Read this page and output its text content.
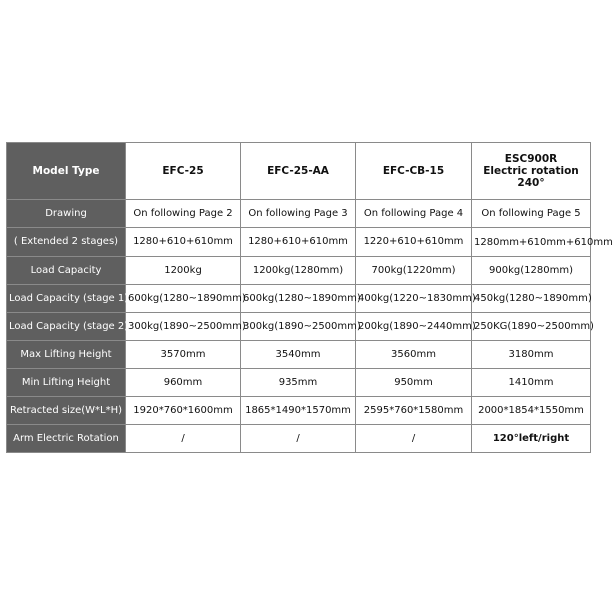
Model Type	EFC-25	EFC-25-AA	EFC-CB-15	ESC900R
Electric rotation 240°

Drawing	On following Page 2	On following Page 3	On following Page 4	On following Page 5
( Extended 2 stages)	1280+610+610mm	1280+610+610mm	1220+610+610mm	1280mm+610mm+610mm
Load Capacity	1200kg	1200kg(1280mm)	700kg(1220mm)	900kg(1280mm)
Load Capacity (stage 1)	600kg(1280~1890mm)	600kg(1280~1890mm)	400kg(1220~1830mm)	450kg(1280~1890mm)
Load Capacity (stage 2)	300kg(1890~2500mm)	300kg(1890~2500mm)	200kg(1890~2440mm)	250KG(1890~2500mm)
Max Lifting Height	3570mm	3540mm	3560mm	3180mm
Min Lifting Height	960mm	935mm	950mm	1410mm
Retracted size(W*L*H)	1920*760*1600mm	1865*1490*1570mm	2595*760*1580mm	2000*1854*1550mm
Arm Electric Rotation	/	/	/	120°left/right
